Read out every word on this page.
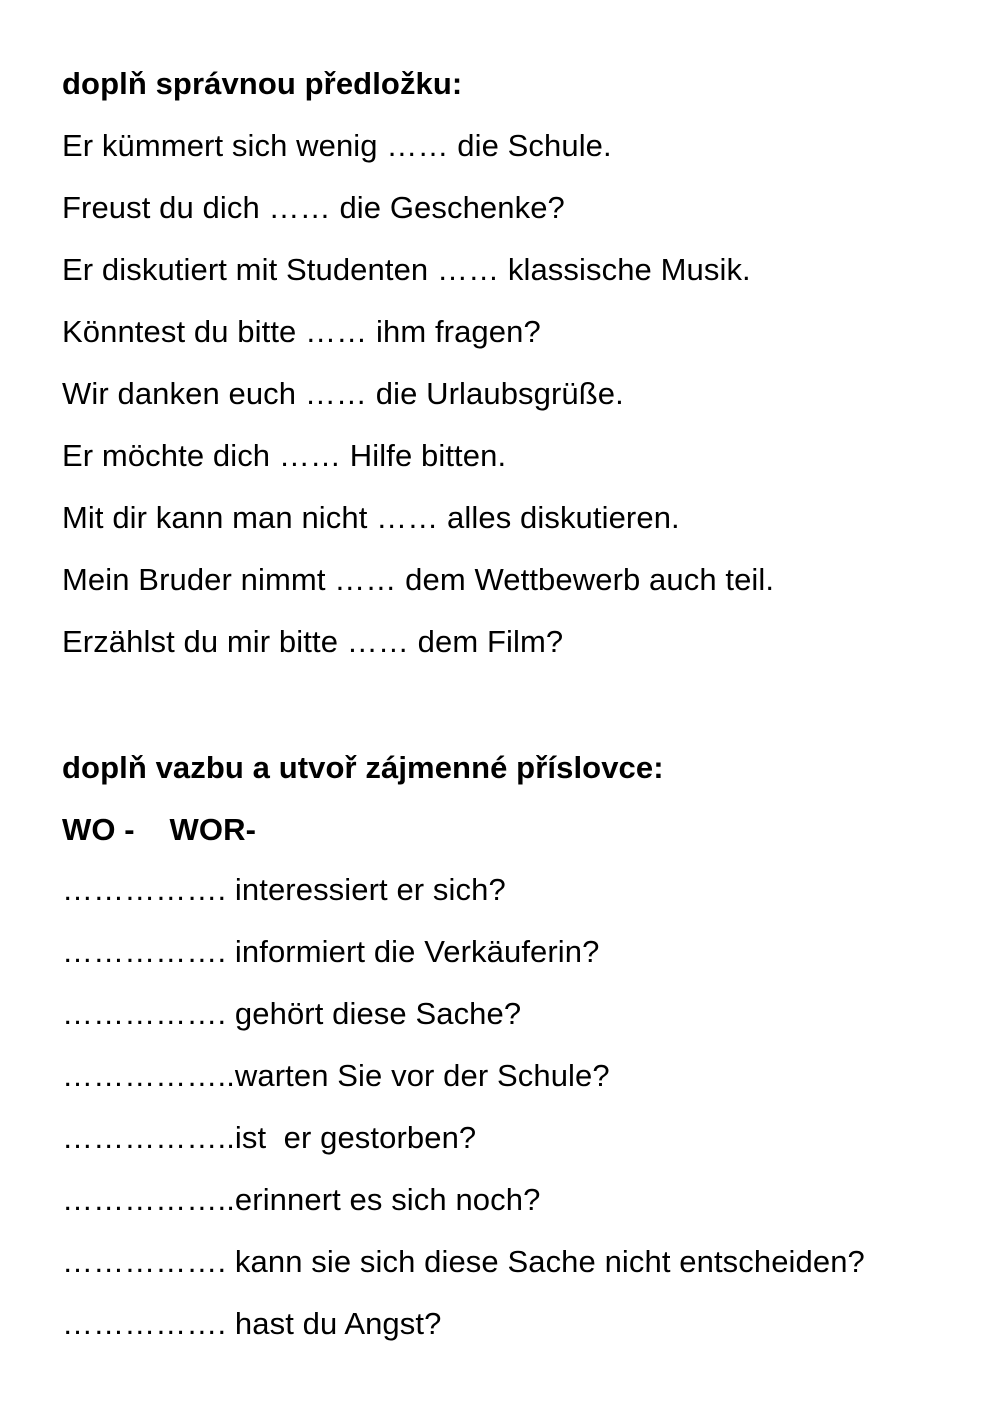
doplň správnou předložku:
Er kümmert sich wenig …… die Schule.
Freust du dich …… die Geschenke?
Er diskutiert mit Studenten …… klassische Musik.
Könntest du bitte …… ihm fragen?
Wir danken euch …… die Urlaubsgrüße.
Er möchte dich …… Hilfe bitten.
Mit dir kann man nicht …… alles diskutieren.
Mein Bruder nimmt …… dem Wettbewerb auch teil.
Erzählst du mir bitte …… dem Film?
doplň vazbu a utvoř zájmenné příslovce:
WO -    WOR-
……………. interessiert er sich?
……………. informiert die Verkäuferin?
……………. gehört diese Sache?
……………..warten Sie vor der Schule?
……………..ist  er gestorben?
……………..erinnert es sich noch?
……………. kann sie sich diese Sache nicht entscheiden?
……………. hast du Angst?
